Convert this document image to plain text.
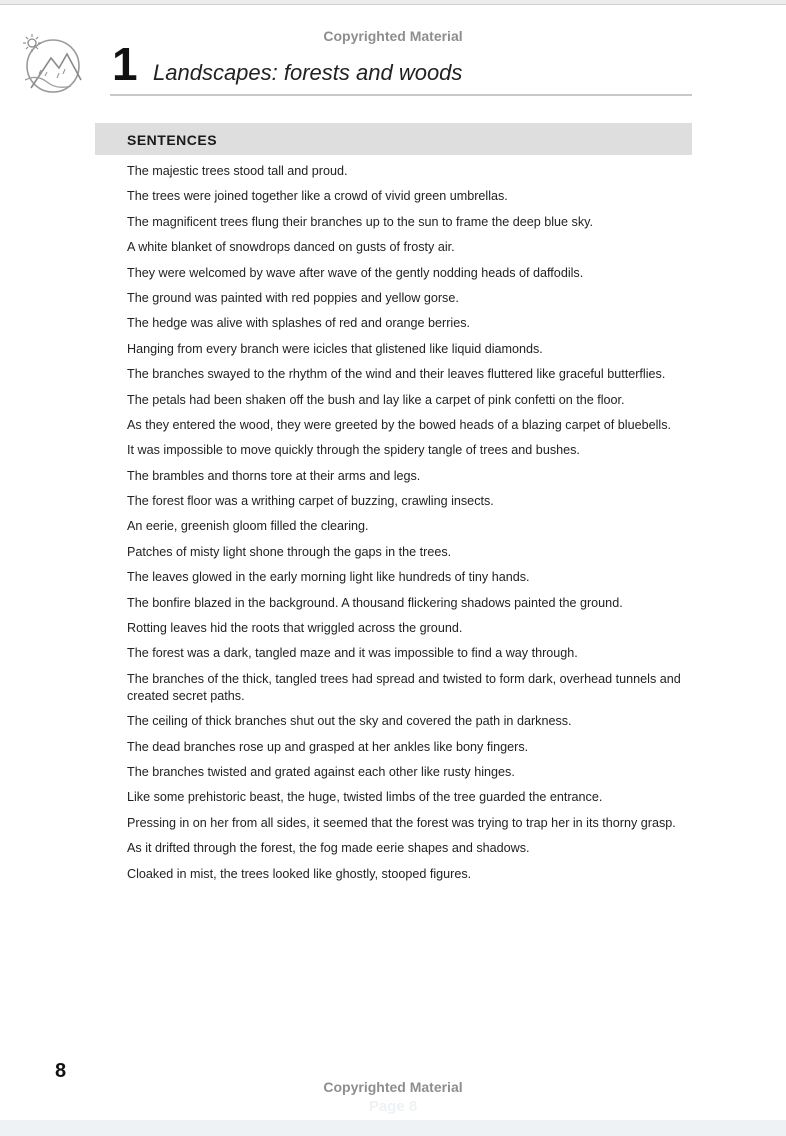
Copyrighted Material
1 Landscapes: forests and woods
SENTENCES
The majestic trees stood tall and proud.
The trees were joined together like a crowd of vivid green umbrellas.
The magnificent trees flung their branches up to the sun to frame the deep blue sky.
A white blanket of snowdrops danced on gusts of frosty air.
They were welcomed by wave after wave of the gently nodding heads of daffodils.
The ground was painted with red poppies and yellow gorse.
The hedge was alive with splashes of red and orange berries.
Hanging from every branch were icicles that glistened like liquid diamonds.
The branches swayed to the rhythm of the wind and their leaves fluttered like graceful butterflies.
The petals had been shaken off the bush and lay like a carpet of pink confetti on the floor.
As they entered the wood, they were greeted by the bowed heads of a blazing carpet of bluebells.
It was impossible to move quickly through the spidery tangle of trees and bushes.
The brambles and thorns tore at their arms and legs.
The forest floor was a writhing carpet of buzzing, crawling insects.
An eerie, greenish gloom filled the clearing.
Patches of misty light shone through the gaps in the trees.
The leaves glowed in the early morning light like hundreds of tiny hands.
The bonfire blazed in the background. A thousand flickering shadows painted the ground.
Rotting leaves hid the roots that wriggled across the ground.
The forest was a dark, tangled maze and it was impossible to find a way through.
The branches of the thick, tangled trees had spread and twisted to form dark, overhead tunnels and created secret paths.
The ceiling of thick branches shut out the sky and covered the path in darkness.
The dead branches rose up and grasped at her ankles like bony fingers.
The branches twisted and grated against each other like rusty hinges.
Like some prehistoric beast, the huge, twisted limbs of the tree guarded the entrance.
Pressing in on her from all sides, it seemed that the forest was trying to trap her in its thorny grasp.
As it drifted through the forest, the fog made eerie shapes and shadows.
Cloaked in mist, the trees looked like ghostly, stooped figures.
8
Copyrighted Material
Page 8
